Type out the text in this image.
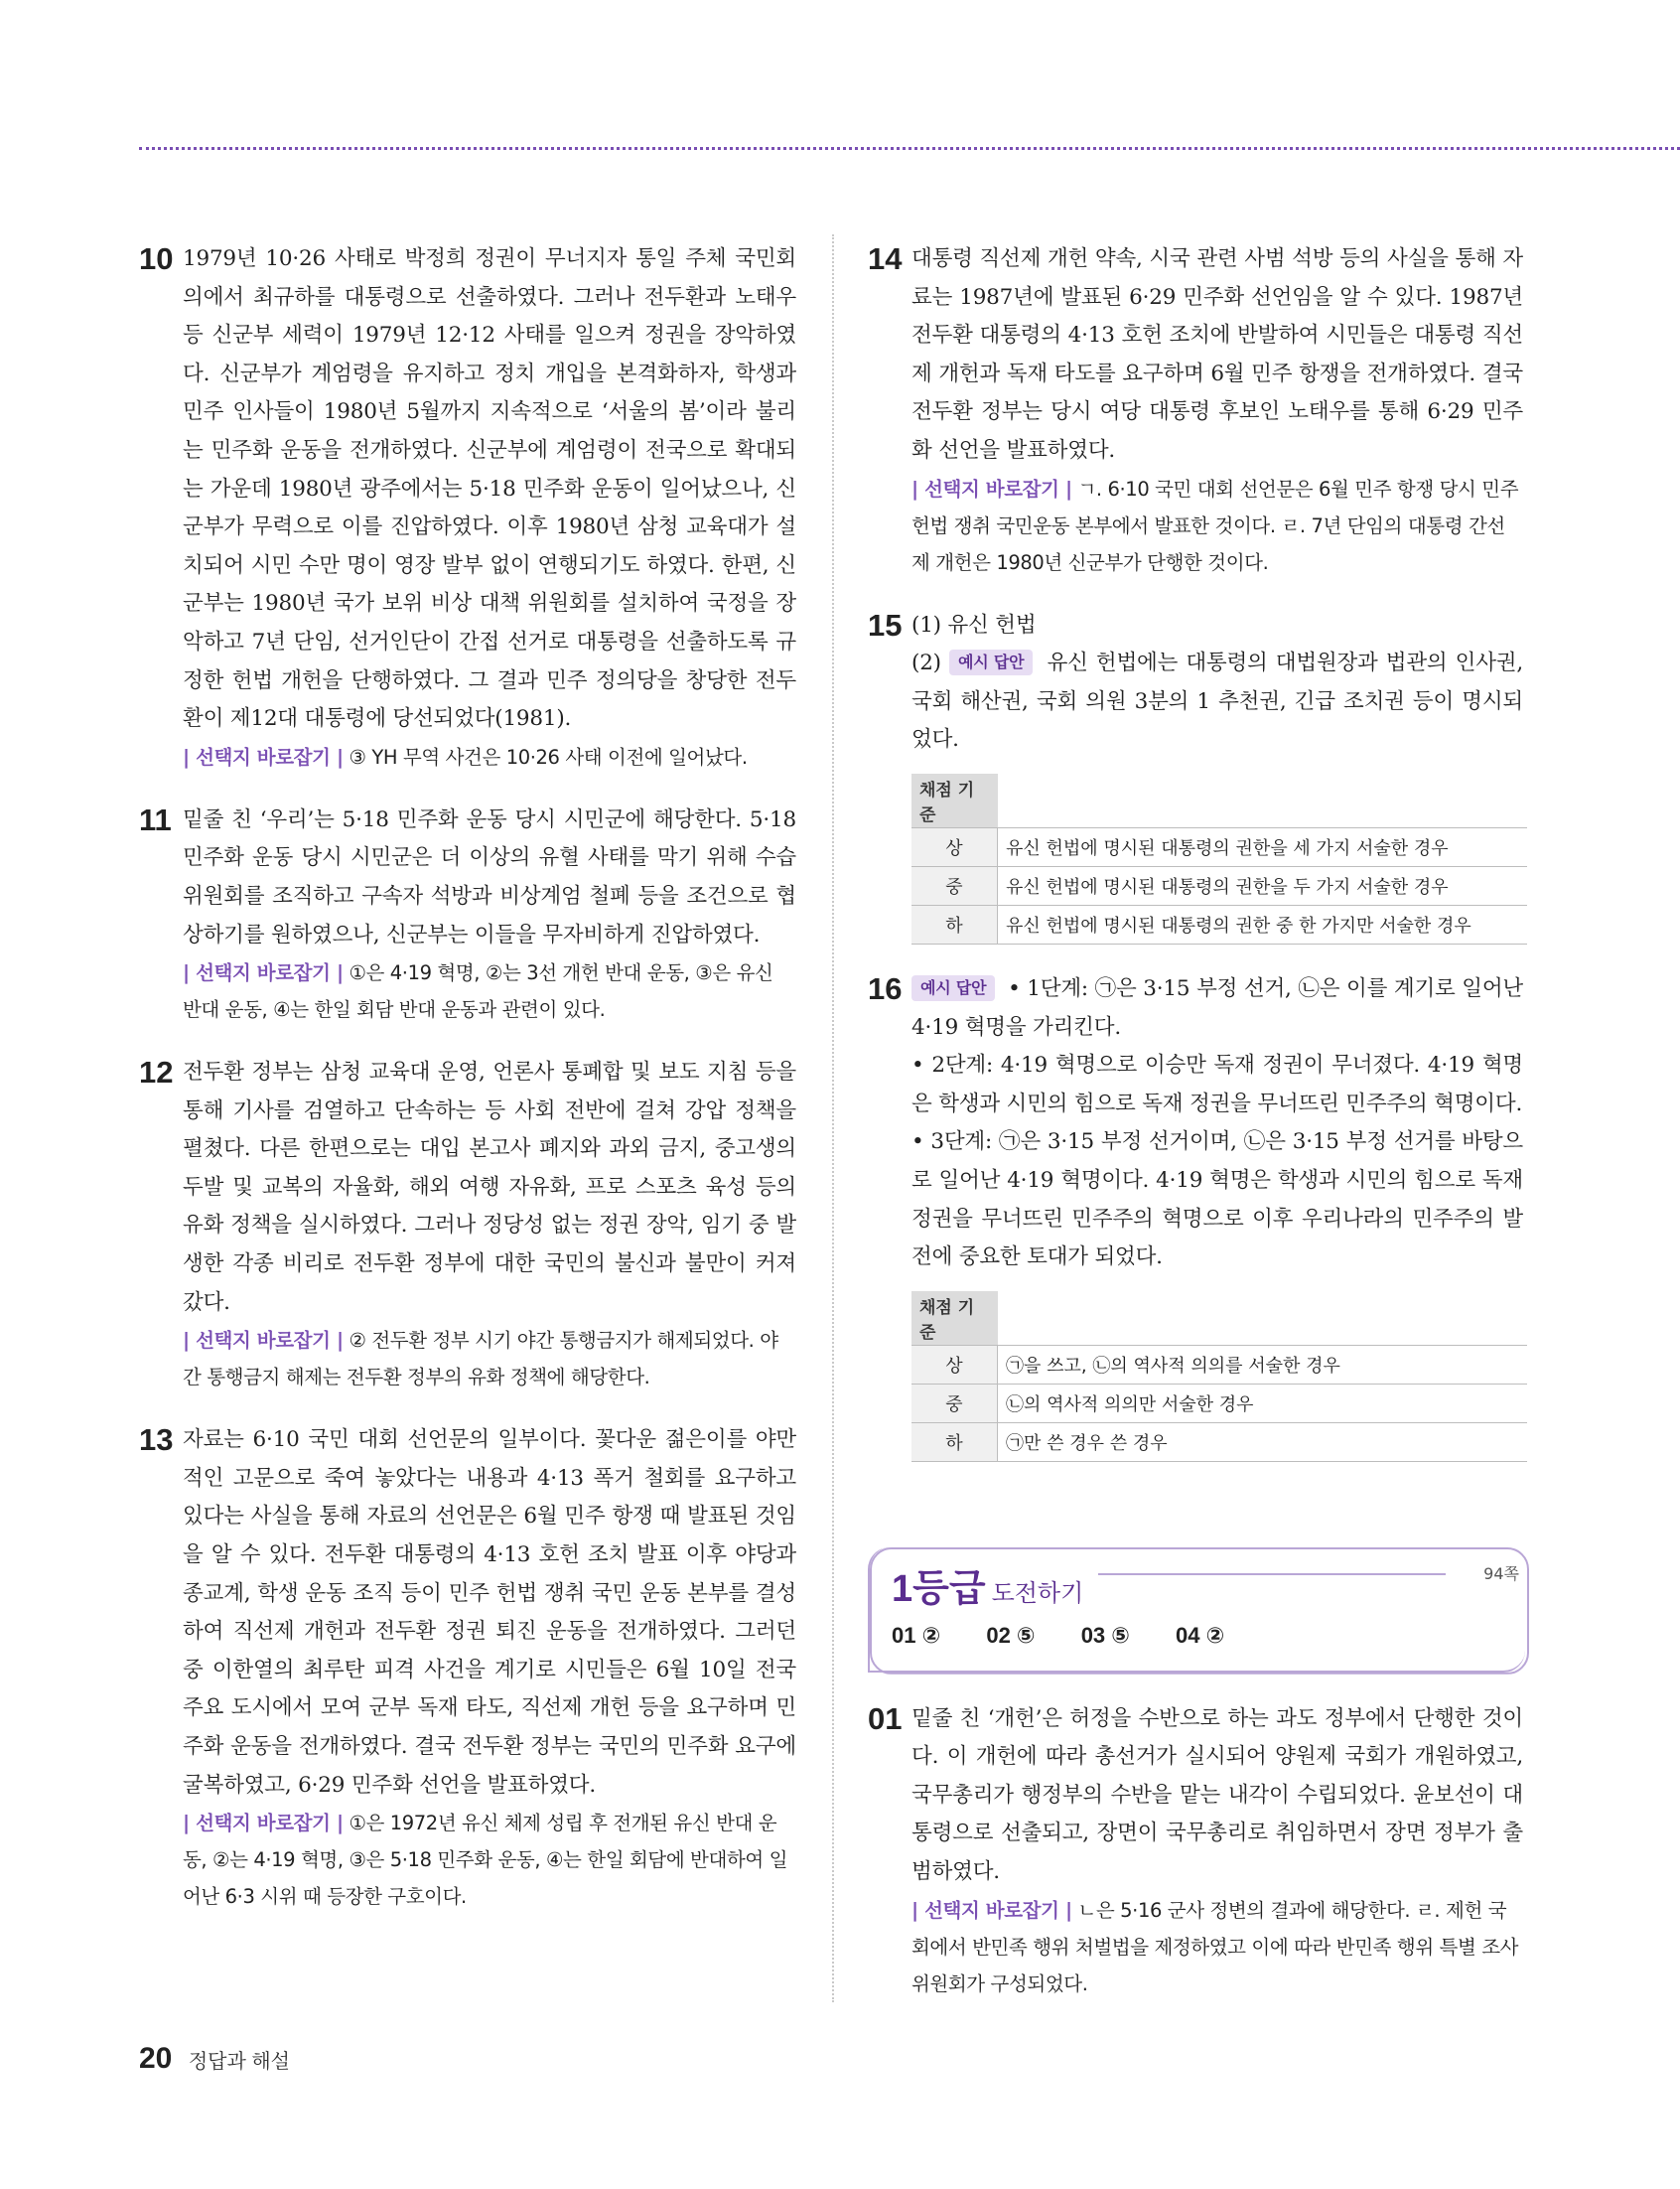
10 1979년 10·26 사태로 박정희 정권이 무너지자 통일 주체 국민회의에서 최규하를 대통령으로 선출하였다. 그러나 전두환과 노태우 등 신군부 세력이 1979년 12·12 사태를 일으켜 정권을 장악하였다. 신군부가 계엄령을 유지하고 정치 개입을 본격화하자, 학생과 민주 인사들이 1980년 5월까지 지속적으로 ‘서울의 봄’이라 불리는 민주화 운동을 전개하였다. 신군부에 계엄령이 전국으로 확대되는 가운데 1980년 광주에서는 5·18 민주화 운동이 일어났으나, 신군부가 무력으로 이를 진압하였다. 이후 1980년 삼청 교육대가 설치되어 시민 수만 명이 영장 발부 없이 연행되기도 하였다. 한편, 신군부는 1980년 국가 보위 비상 대책 위원회를 설치하여 국정을 장악하고 7년 단임, 선거인단이 간접 선거로 대통령을 선출하도록 규정한 헌법 개헌을 단행하였다. 그 결과 민주 정의당을 창당한 전두환이 제12대 대통령에 당선되었다(1981).
| 선택지 바로잡기 | ③ YH 무역 사건은 10·26 사태 이전에 일어났다.
11 밑줄 친 ‘우리’는 5·18 민주화 운동 당시 시민군에 해당한다. 5·18 민주화 운동 당시 시민군은 더 이상의 유혈 사태를 막기 위해 수습 위원회를 조직하고 구속자 석방과 비상계엄 철폐 등을 조건으로 협상하기를 원하였으나, 신군부는 이들을 무자비하게 진압하였다.
| 선택지 바로잡기 | ①은 4·19 혁명, ②는 3선 개헌 반대 운동, ③은 유신 반대 운동, ④는 한일 회담 반대 운동과 관련이 있다.
12 전두환 정부는 삼청 교육대 운영, 언론사 통폐합 및 보도 지침 등을 통해 기사를 검열하고 단속하는 등 사회 전반에 걸쳐 강압 정책을 펼쳤다. 다른 한편으로는 대입 본고사 폐지와 과외 금지, 중고생의 두발 및 교복의 자율화, 해외 여행 자유화, 프로 스포츠 육성 등의 유화 정책을 실시하였다. 그러나 정당성 없는 정권 장악, 임기 중 발생한 각종 비리로 전두환 정부에 대한 국민의 불신과 불만이 커져 갔다.
| 선택지 바로잡기 | ② 전두환 정부 시기 야간 통행금지가 해제되었다. 야간 통행금지 해제는 전두환 정부의 유화 정책에 해당한다.
13 자료는 6·10 국민 대회 선언문의 일부이다. 꽃다운 젊은이를 야만적인 고문으로 죽여 놓았다는 내용과 4·13 폭거 철회를 요구하고 있다는 사실을 통해 자료의 선언문은 6월 민주 항쟁 때 발표된 것임을 알 수 있다. 전두환 대통령의 4·13 호헌 조치 발표 이후 야당과 종교계, 학생 운동 조직 등이 민주 헌법 쟁취 국민 운동 본부를 결성하여 직선제 개헌과 전두환 정권 퇴진 운동을 전개하였다. 그러던 중 이한열의 최루탄 피격 사건을 계기로 시민들은 6월 10일 전국 주요 도시에서 모여 군부 독재 타도, 직선제 개헌 등을 요구하며 민주화 운동을 전개하였다. 결국 전두환 정부는 국민의 민주화 요구에 굴복하였고, 6·29 민주화 선언을 발표하였다.
| 선택지 바로잡기 | ①은 1972년 유신 체제 성립 후 전개된 유신 반대 운동, ②는 4·19 혁명, ③은 5·18 민주화 운동, ④는 한일 회담에 반대하여 일어난 6·3 시위 때 등장한 구호이다.
14 대통령 직선제 개헌 약속, 시국 관련 사범 석방 등의 사실을 통해 자료는 1987년에 발표된 6·29 민주화 선언임을 알 수 있다. 1987년 전두환 대통령의 4·13 호헌 조치에 반발하여 시민들은 대통령 직선제 개헌과 독재 타도를 요구하며 6월 민주 항쟁을 전개하였다. 결국 전두환 정부는 당시 여당 대통령 후보인 노태우를 통해 6·29 민주화 선언을 발표하였다.
| 선택지 바로잡기 | ㄱ. 6·10 국민 대회 선언문은 6월 민주 항쟁 당시 민주 헌법 쟁취 국민운동 본부에서 발표한 것이다. ㄹ. 7년 단임의 대통령 간선제 개헌은 1980년 신군부가 단행한 것이다.
15 (1) 유신 헌법
(2) 예시 답안 유신 헌법에는 대통령의 대법원장과 법관의 인사권, 국회 해산권, 국회 의원 3분의 1 추천권, 긴급 조치권 등이 명시되었다.
채점 기준	
상	유신 헌법에 명시된 대통령의 권한을 세 가지 서술한 경우
중	유신 헌법에 명시된 대통령의 권한을 두 가지 서술한 경우
하	유신 헌법에 명시된 대통령의 권한 중 한 가지만 서술한 경우
16	예시 답안 • 1단계: ㉠은 3·15 부정 선거, ㉡은 이를 계기로 일어난 4·19 혁명을 가리킨다.
• 2단계: 4·19 혁명으로 이승만 독재 정권이 무너졌다. 4·19 혁명은 학생과 시민의 힘으로 독재 정권을 무너뜨린 민주주의 혁명이다.
• 3단계: ㉠은 3·15 부정 선거이며, ㉡은 3·15 부정 선거를 바탕으로 일어난 4·19 혁명이다. 4·19 혁명은 학생과 시민의 힘으로 독재 정권을 무너뜨린 민주주의 혁명으로 이후 우리나라의 민주주의 발전에 중요한 토대가 되었다.
채점 기준	
상	㉠을 쓰고, ㉡의 역사적 의의를 서술한 경우
중	㉡의 역사적 의의만 서술한 경우
하	㉠만 쓴 경우 쓴 경우
1등급 도전하기
94쪽
01 ② 02 ⑤ 03 ⑤ 04 ②
01 밑줄 친 ‘개헌’은 허정을 수반으로 하는 과도 정부에서 단행한 것이다. 이 개헌에 따라 총선거가 실시되어 양원제 국회가 개원하였고, 국무총리가 행정부의 수반을 맡는 내각이 수립되었다. 윤보선이 대통령으로 선출되고, 장면이 국무총리로 취임하면서 장면 정부가 출범하였다.
| 선택지 바로잡기 | ㄴ은 5·16 군사 정변의 결과에 해당한다. ㄹ. 제헌 국회에서 반민족 행위 처벌법을 제정하였고 이에 따라 반민족 행위 특별 조사 위원회가 구성되었다.
20 정답과 해설
